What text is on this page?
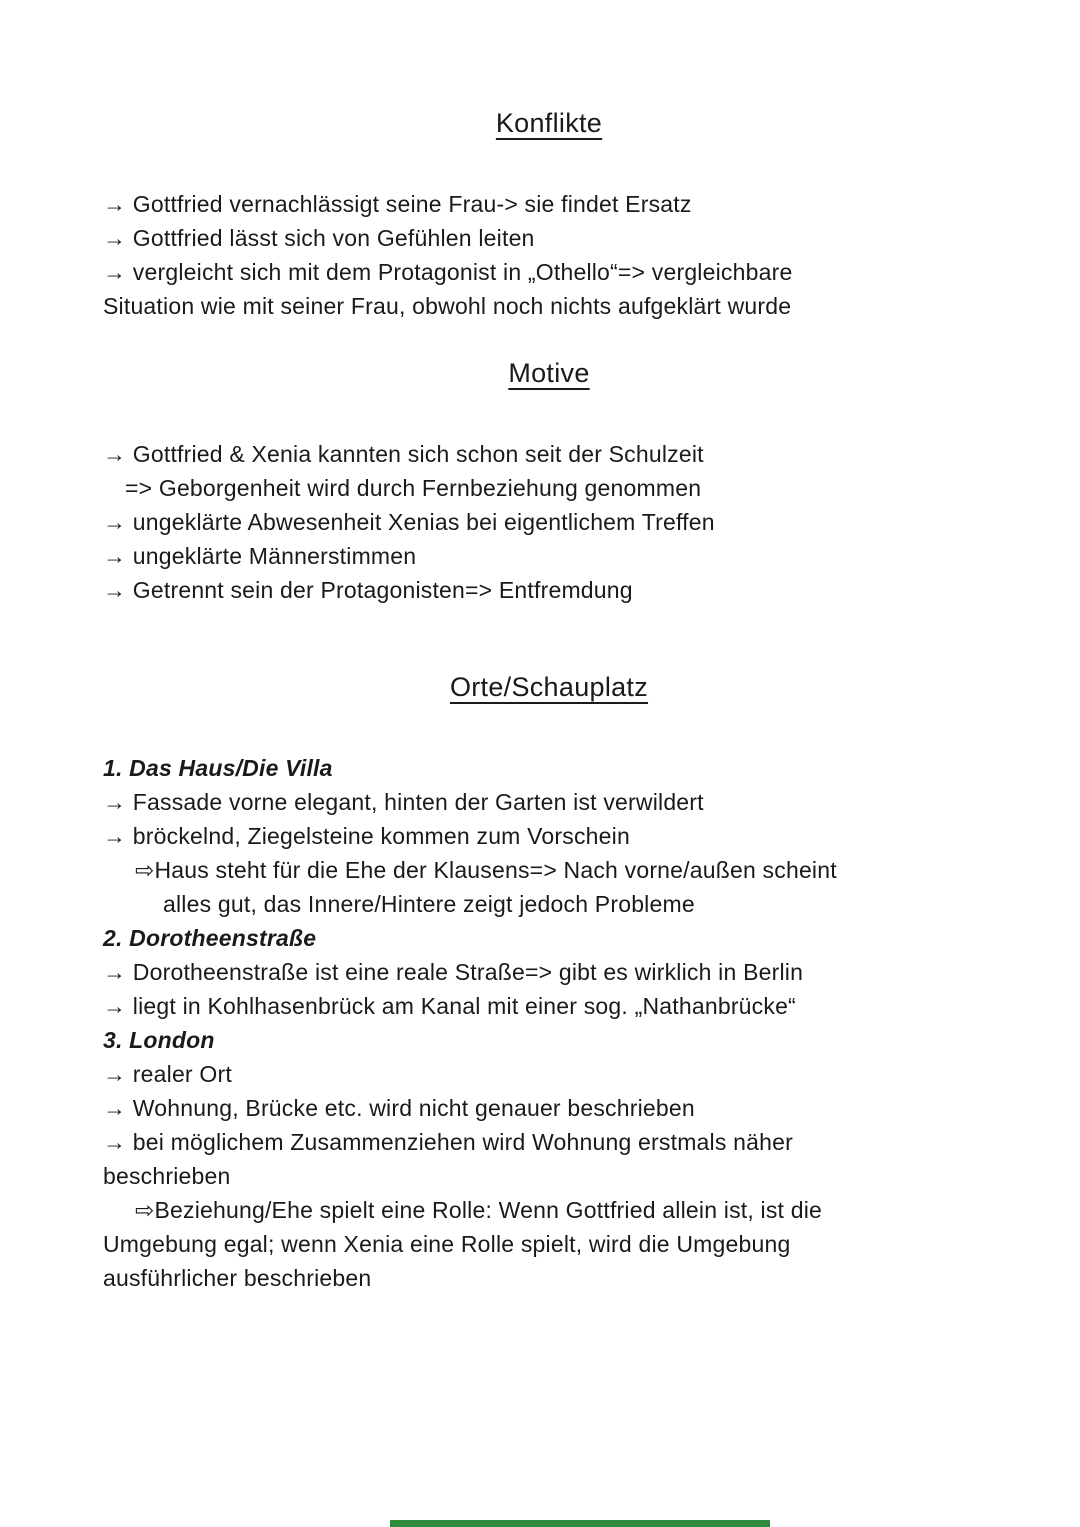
Konflikte

→ Gottfried vernachlässigt seine Frau-> sie findet Ersatz

→ Gottfried lässt sich von Gefühlen leiten

→ vergleicht sich mit dem Protagonist in „Othello“=> vergleichbare

Situation wie mit seiner Frau, obwohl noch nichts aufgeklärt wurde

Motive

→ Gottfried & Xenia kannten sich schon seit der Schulzeit

=> Geborgenheit wird durch Fernbeziehung genommen

→ ungeklärte Abwesenheit Xenias bei eigentlichem Treffen

→ ungeklärte Männerstimmen

→ Getrennt sein der Protagonisten=> Entfremdung

Orte/Schauplatz

1. Das Haus/Die Villa

→ Fassade vorne elegant, hinten der Garten ist verwildert

→ bröckelnd, Ziegelsteine kommen zum Vorschein

⇨Haus steht für die Ehe der Klausens=> Nach vorne/außen scheint

alles gut, das Innere/Hintere zeigt jedoch Probleme

2. Dorotheenstraße

→ Dorotheenstraße ist eine reale Straße=> gibt es wirklich in Berlin

→ liegt in Kohlhasenbrück am Kanal mit einer sog. „Nathanbrücke“

3. London

→ realer Ort

→ Wohnung, Brücke etc. wird nicht genauer beschrieben

→ bei möglichem Zusammenziehen wird Wohnung erstmals näher

beschrieben

⇨Beziehung/Ehe spielt eine Rolle: Wenn Gottfried allein ist, ist die

Umgebung egal; wenn Xenia eine Rolle spielt, wird die Umgebung

ausführlicher beschrieben
